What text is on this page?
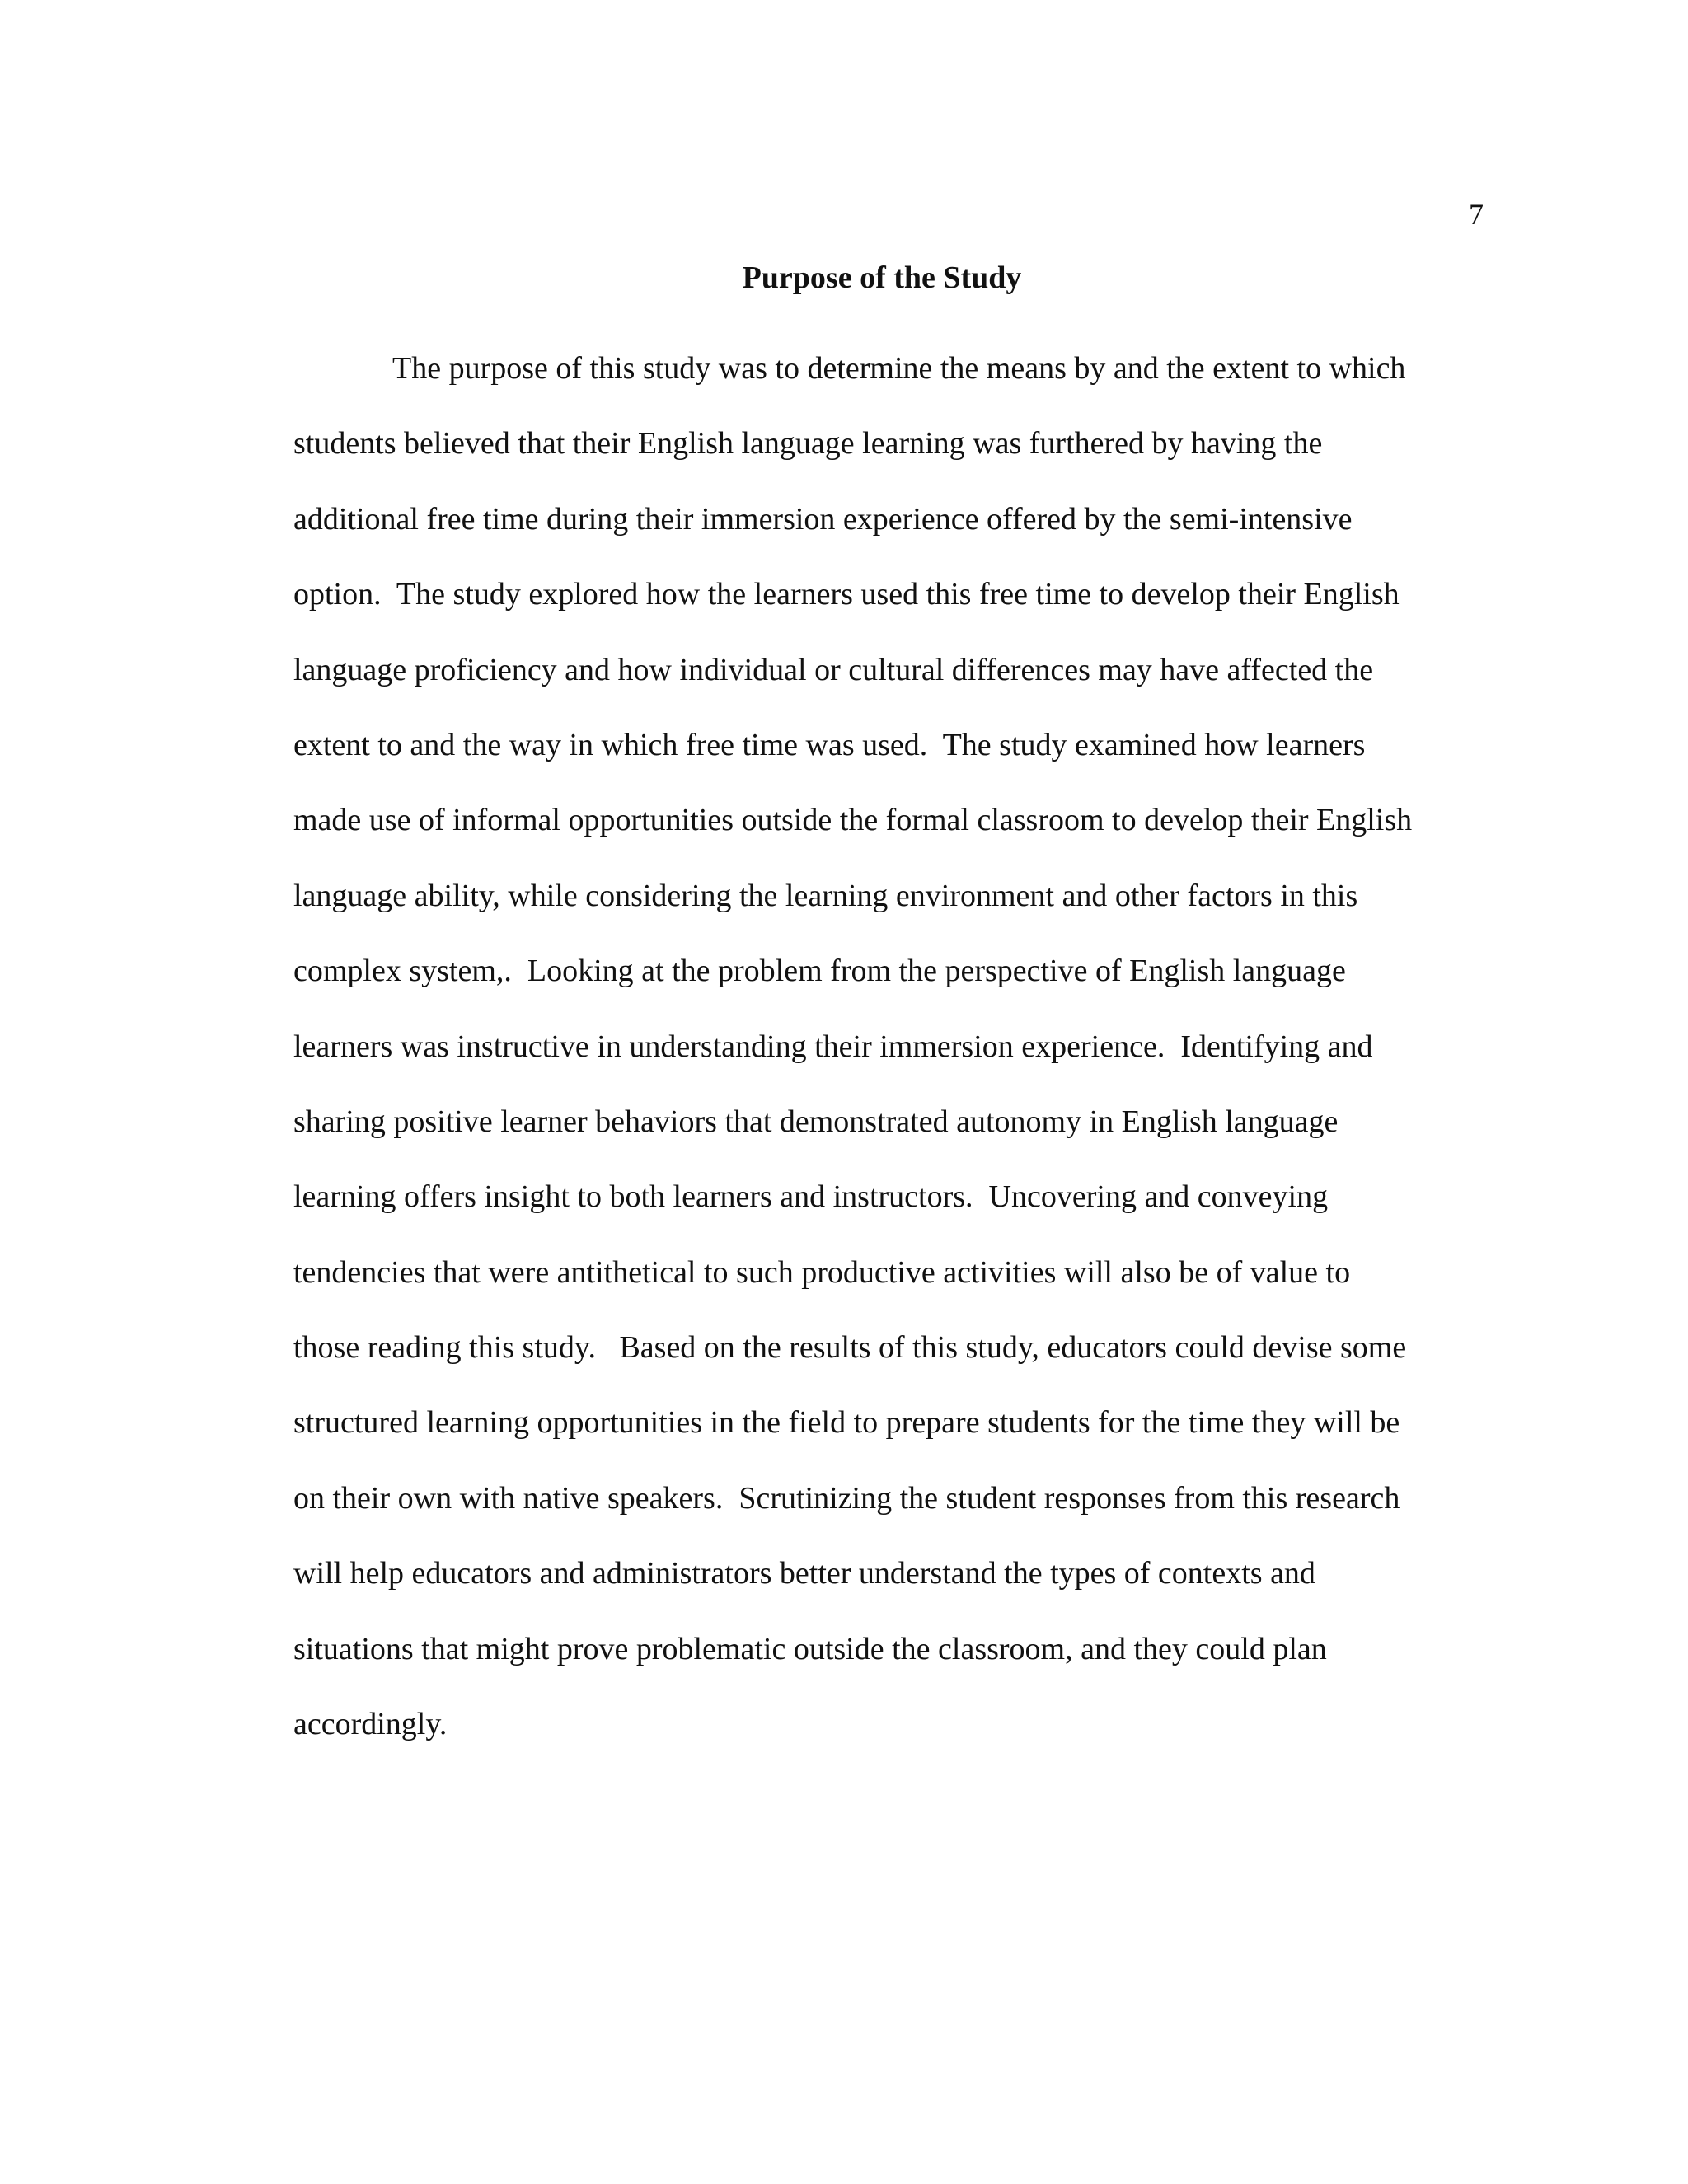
7
Purpose of the Study
The purpose of this study was to determine the means by and the extent to which
students believed that their English language learning was furthered by having the
additional free time during their immersion experience offered by the semi-intensive
option.  The study explored how the learners used this free time to develop their English
language proficiency and how individual or cultural differences may have affected the
extent to and the way in which free time was used.  The study examined how learners
made use of informal opportunities outside the formal classroom to develop their English
language ability, while considering the learning environment and other factors in this
complex system,.  Looking at the problem from the perspective of English language
learners was instructive in understanding their immersion experience.  Identifying and
sharing positive learner behaviors that demonstrated autonomy in English language
learning offers insight to both learners and instructors.  Uncovering and conveying
tendencies that were antithetical to such productive activities will also be of value to
those reading this study.   Based on the results of this study, educators could devise some
structured learning opportunities in the field to prepare students for the time they will be
on their own with native speakers.  Scrutinizing the student responses from this research
will help educators and administrators better understand the types of contexts and
situations that might prove problematic outside the classroom, and they could plan
accordingly.
